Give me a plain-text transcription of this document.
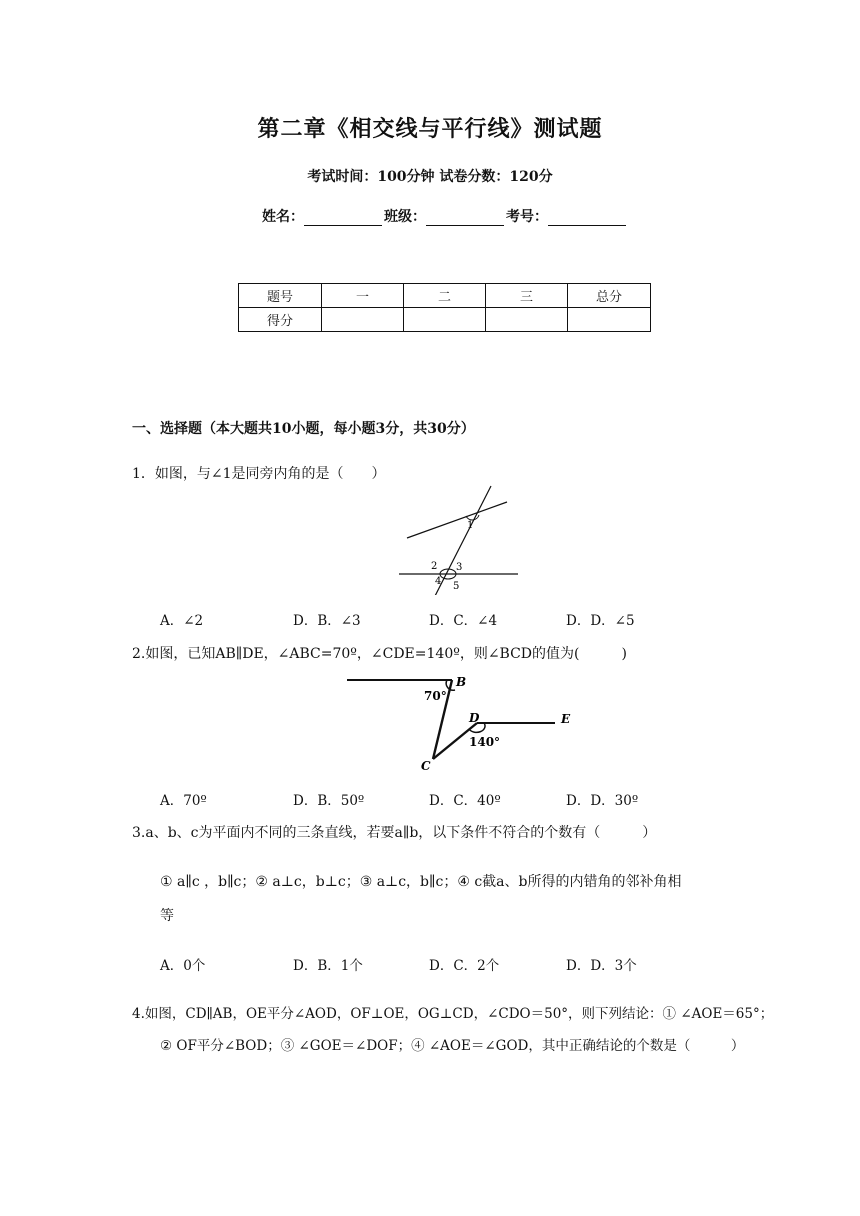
第二章《相交线与平行线》测试题
考试时间：100分钟 试卷分数：120分
姓名：	班级：	考号：
题号	一	二	三	总分
得分				
一、选择题（本大题共10小题，每小题3分，共30分）
1．如图，与∠1是同旁内角的是（　　）
1
2 3
4 5
A．∠2	D．B．∠3	D．C．∠4	D．D．∠5
2.如图，已知AB∥DE，∠ABC=70º，∠CDE=140º，则∠BCD的值为(　　　)
B
C
D	E
70°
140°
A．70º	D．B．50º	D．C．40º	D．D．30º
3.a、b、c为平面内不同的三条直线，若要a∥b，以下条件不符合的个数有（　　　）
① a∥c ，b∥c；② a⊥c，b⊥c；③ a⊥c，b∥c；④ c截a、b所得的内错角的邻补角相
等
A．0个	D．B．1个	D．C．2个	D．D．3个
4.如图，CD∥AB，OE平分∠AOD，OF⊥OE，OG⊥CD，∠CDO＝50°，则下列结论：① ∠AOE＝65°；
② OF平分∠BOD；③ ∠GOE＝∠DOF；④ ∠AOE＝∠GOD，其中正确结论的个数是（　　　）
